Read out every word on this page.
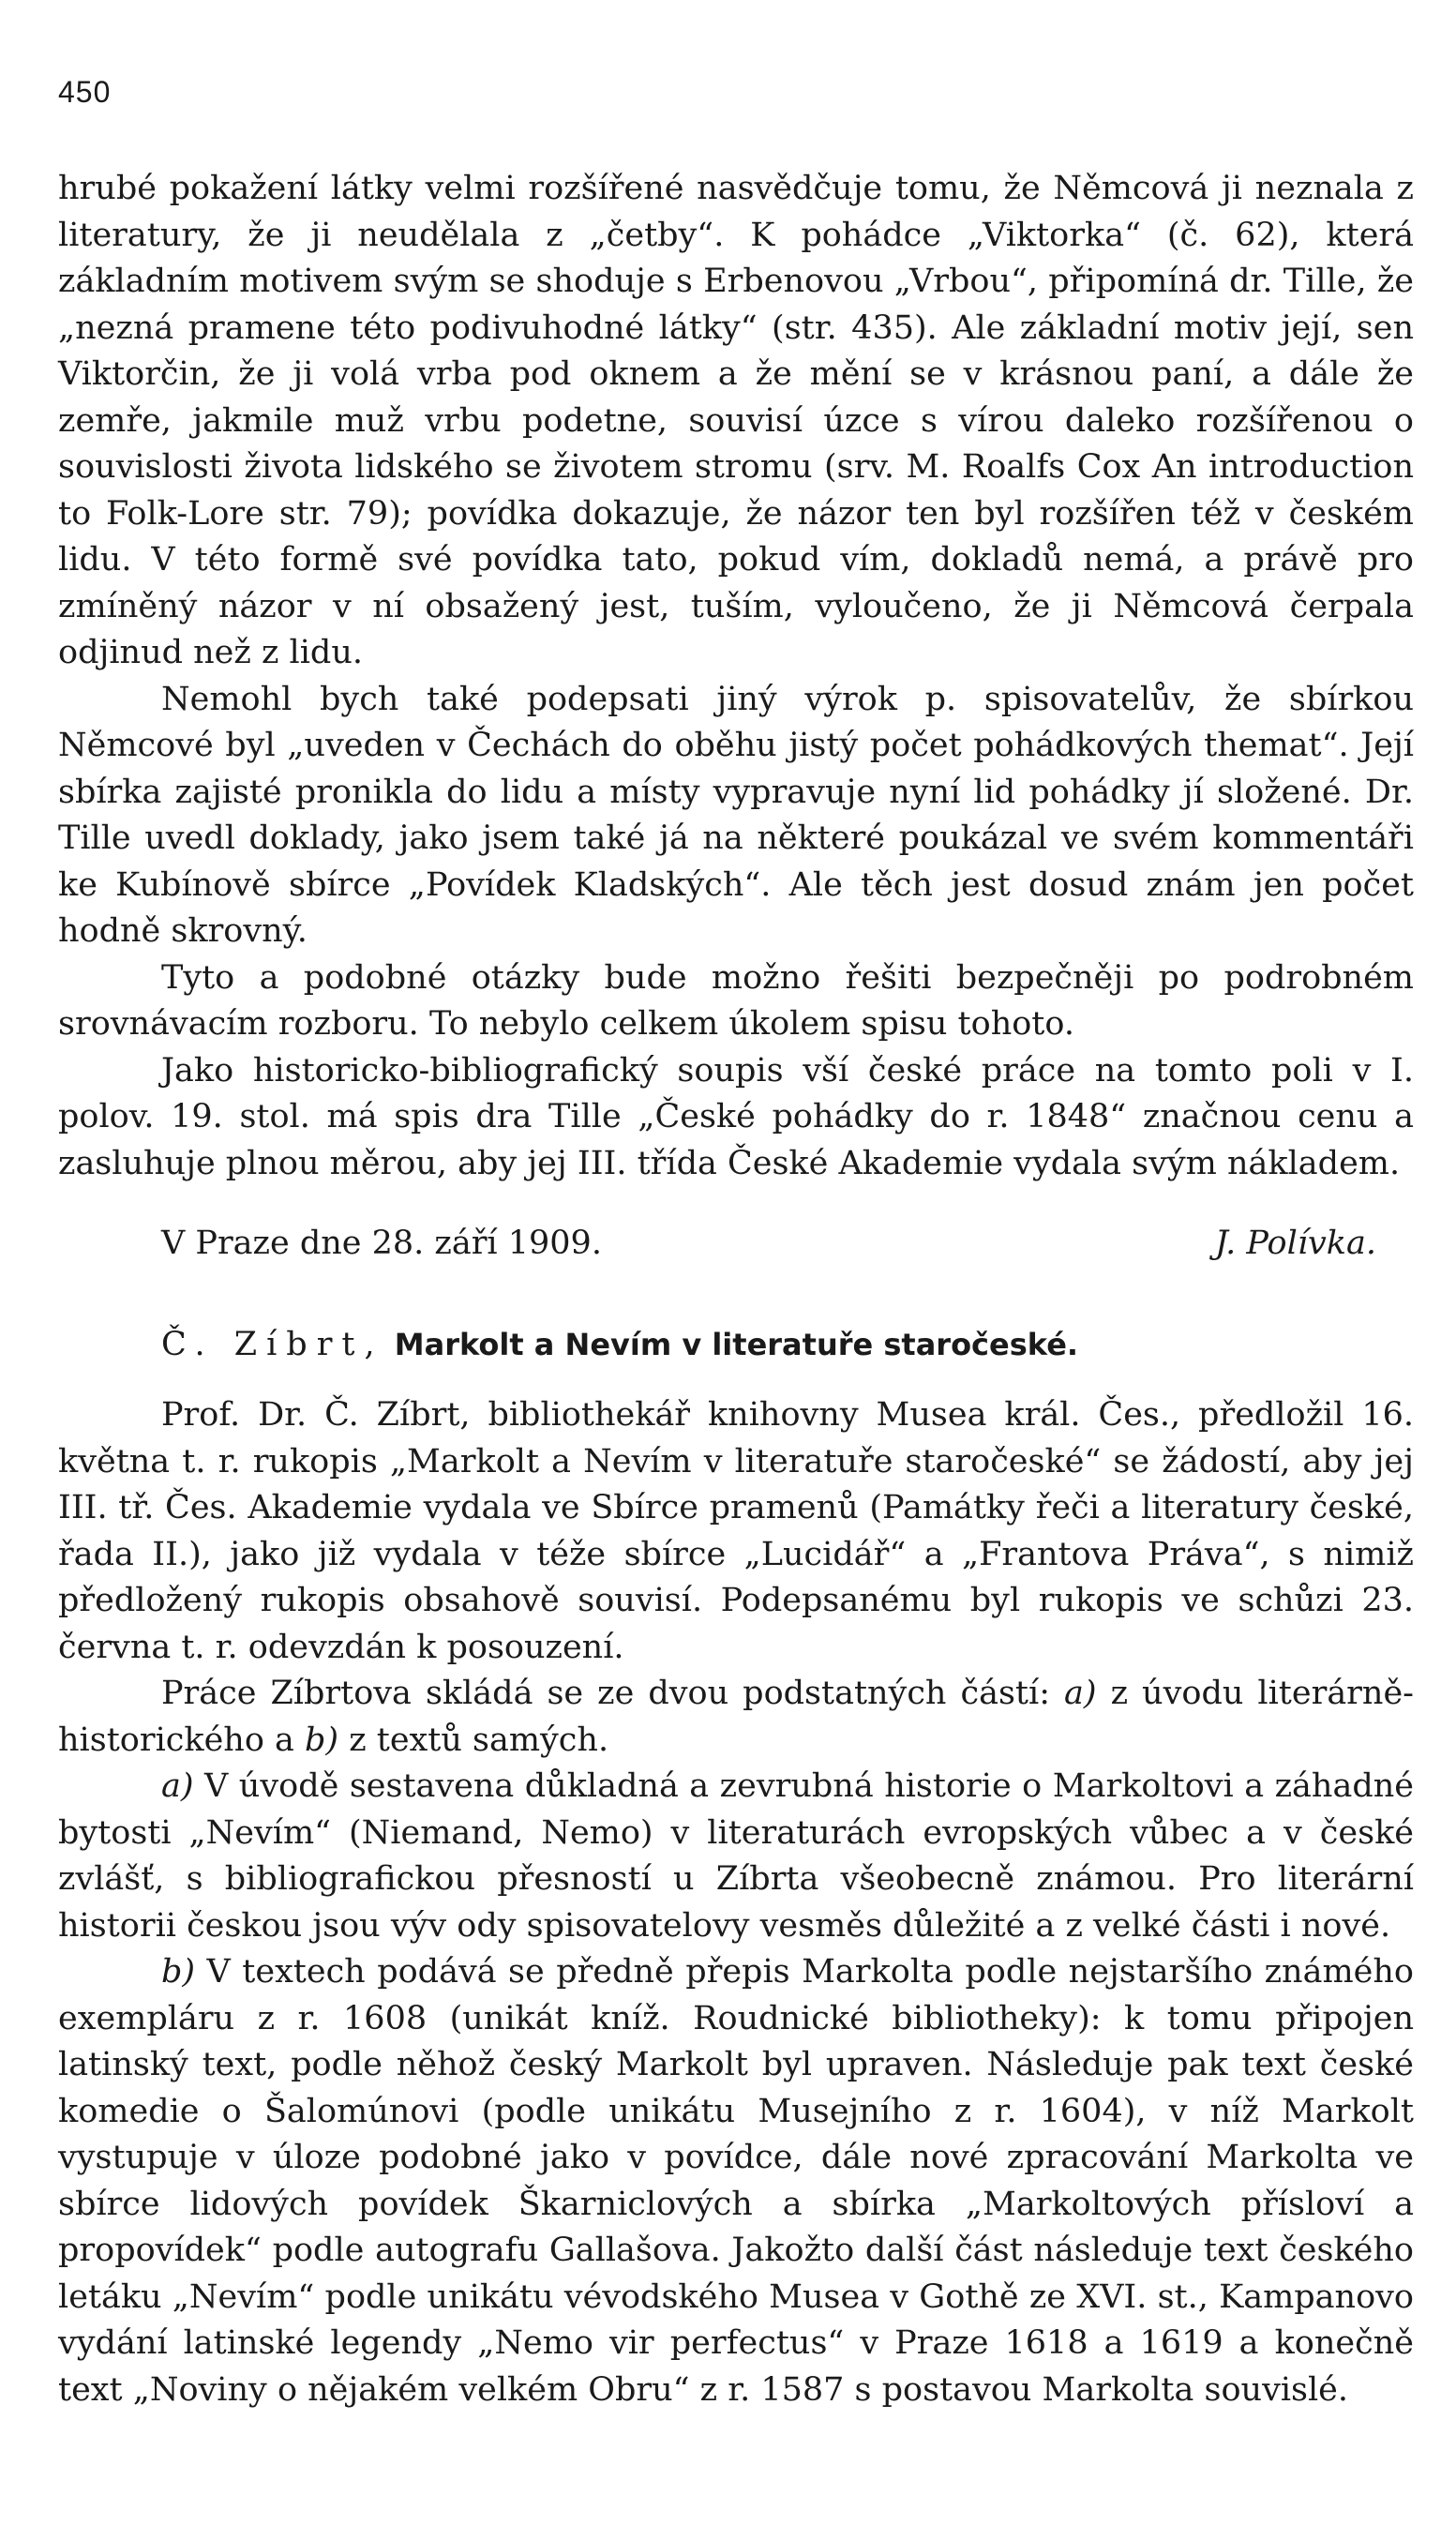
450

hrubé pokažení látky velmi rozšířené nasvědčuje tomu, že Němcová ji neznala z literatury, že ji neudělala z „četby“. K pohádce „Viktorka“ (č. 62), která základním motivem svým se shoduje s Erbenovou „Vrbou“, připomíná dr. Tille, že „nezná pramene této podivuhodné látky“ (str. 435). Ale základní motiv její, sen Viktorčin, že ji volá vrba pod oknem a že mění se v krásnou paní, a dále že zemře, jakmile muž vrbu podetne, souvisí úzce s vírou daleko rozšířenou o souvislosti života lidského se životem stromu (srv. M. Roalfs Cox An introduction to Folk-Lore str. 79); povídka dokazuje, že názor ten byl rozšířen též v českém lidu. V této formě své povídka tato, pokud vím, dokladů nemá, a právě pro zmíněný názor v ní obsažený jest, tuším, vyloučeno, že ji Němcová čerpala odjinud než z lidu.

Nemohl bych také podepsati jiný výrok p. spisovatelův, že sbírkou Němcové byl „uveden v Čechách do oběhu jistý počet pohádkových themat“. Její sbírka zajisté pronikla do lidu a místy vypravuje nyní lid pohádky jí složené. Dr. Tille uvedl doklady, jako jsem také já na některé poukázal ve svém kommentáři ke Kubínově sbírce „Povídek Kladských“. Ale těch jest dosud znám jen počet hodně skrovný.

Tyto a podobné otázky bude možno řešiti bezpečněji po podrobném srovnávacím rozboru. To nebylo celkem úkolem spisu tohoto.

Jako historicko-bibliografický soupis vší české práce na tomto poli v I. polov. 19. stol. má spis dra Tille „České pohádky do r. 1848“ značnou cenu a zasluhuje plnou měrou, aby jej III. třída České Akademie vydala svým nákladem.

V Praze dne 28. září 1909.	J. Polívka.
Č. Zíbrt, Markolt a Nevím v literatuře staročeské.

Prof. Dr. Č. Zíbrt, bibliothekář knihovny Musea král. Čes., předložil 16. května t. r. rukopis „Markolt a Nevím v literatuře staročeské“ se žádostí, aby jej III. tř. Čes. Akademie vydala ve Sbírce pramenů (Památky řeči a literatury české, řada II.), jako již vydala v téže sbírce „Lucidář“ a „Frantova Práva“, s nimiž předložený rukopis obsahově souvisí. Podepsanému byl rukopis ve schůzi 23. června t. r. odevzdán k posouzení.

Práce Zíbrtova skládá se ze dvou podstatných částí: a) z úvodu literárně-historického a b) z textů samých.

a) V úvodě sestavena důkladná a zevrubná historie o Markoltovi a záhadné bytosti „Nevím“ (Niemand, Nemo) v literaturách evropských vůbec a v české zvlášť, s bibliografickou přesností u Zíbrta všeobecně známou. Pro literární historii českou jsou výv ody spisovatelovy vesměs důležité a z velké části i nové.

b) V textech podává se předně přepis Markolta podle nejstaršího známého exempláru z r. 1608 (unikát kníž. Roudnické bibliotheky): k tomu připojen latinský text, podle něhož český Markolt byl upraven. Následuje pak text české komedie o Šalomúnovi (podle unikátu Musejního z r. 1604), v níž Markolt vystupuje v úloze podobné jako v povídce, dále nové zpracování Markolta ve sbírce lidových povídek Škarniclových a sbírka „Markoltových přísloví a propovídek“ podle autografu Gallašova. Jakožto další část následuje text českého letáku „Nevím“ podle unikátu vévodského Musea v Gothě ze XVI. st., Kampanovo vydání latinské legendy „Nemo vir perfectus“ v Praze 1618 a 1619 a konečně text „Noviny o nějakém velkém Obru“ z r. 1587 s postavou Markolta souvislé.
